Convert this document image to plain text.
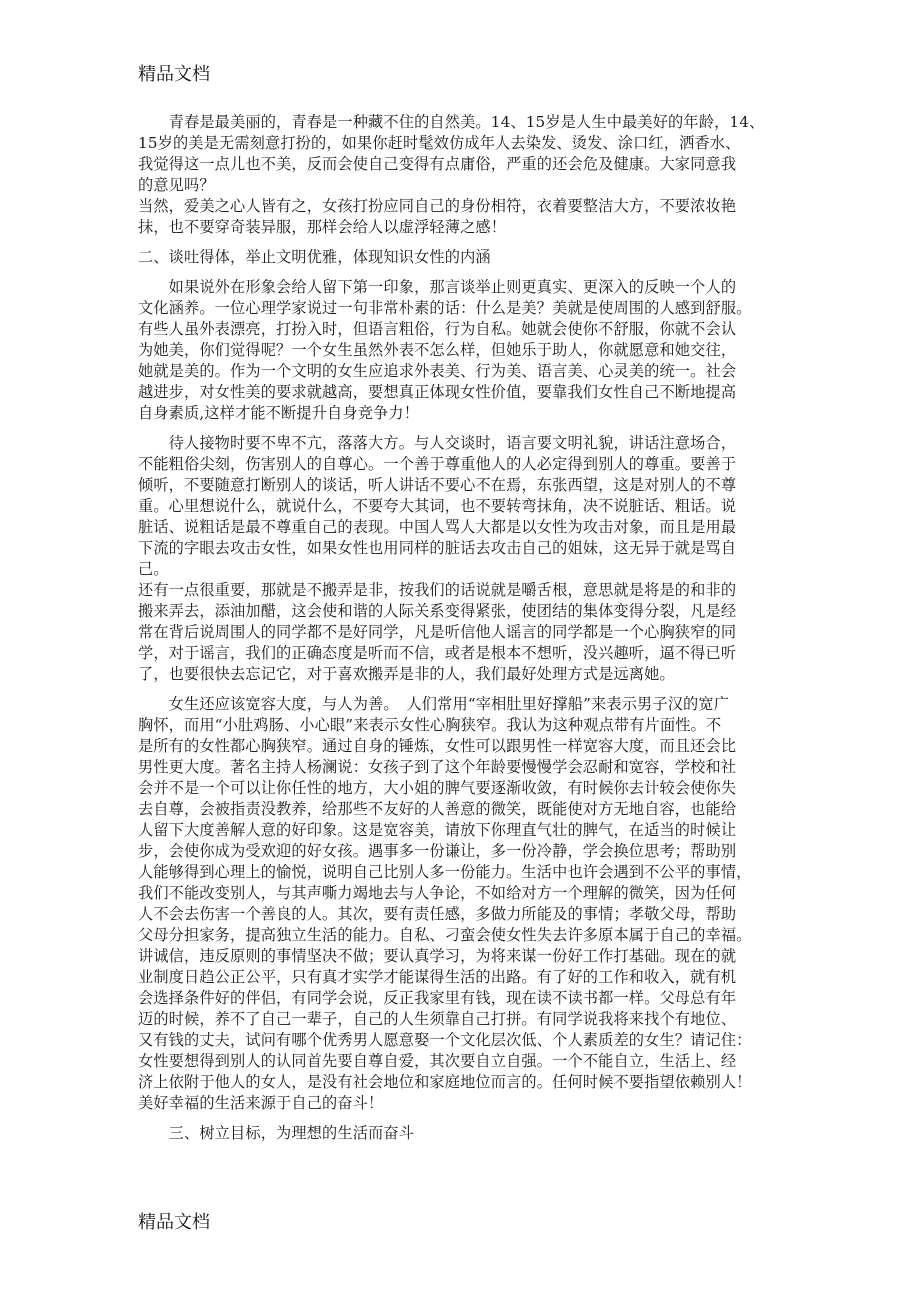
精品文档
　　青春是最美丽的，青春是一种藏不住的自然美。14、15岁是人生中最美好的年龄，14、
15岁的美是无需刻意打扮的，如果你赶时髦效仿成年人去染发、烫发、涂口红，洒香水、
我觉得这一点儿也不美，反而会使自己变得有点庸俗，严重的还会危及健康。大家同意我
的意见吗？
当然，爱美之心人皆有之，女孩打扮应同自己的身份相符，衣着要整洁大方，不要浓妆艳
抹，也不要穿奇装异服，那样会给人以虚浮轻薄之感！
二、谈吐得体，举止文明优雅，体现知识女性的内涵
　　如果说外在形象会给人留下第一印象，那言谈举止则更真实、更深入的反映一个人的
文化涵养。一位心理学家说过一句非常朴素的话：什么是美？美就是使周围的人感到舒服。
有些人虽外表漂亮，打扮入时，但语言粗俗，行为自私。她就会使你不舒服，你就不会认
为她美，你们觉得呢？一个女生虽然外表不怎么样，但她乐于助人，你就愿意和她交往，
她就是美的。作为一个文明的女生应追求外表美、行为美、语言美、心灵美的统一。社会
越进步，对女性美的要求就越高，要想真正体现女性价值，要靠我们女性自己不断地提高
自身素质,这样才能不断提升自身竞争力！
　　待人接物时要不卑不亢，落落大方。与人交谈时，语言要文明礼貌，讲话注意场合，
不能粗俗尖刻，伤害别人的自尊心。一个善于尊重他人的人必定得到别人的尊重。要善于
倾听，不要随意打断别人的谈话，听人讲话不要心不在焉，东张西望，这是对别人的不尊
重。心里想说什么，就说什么，不要夸大其词，也不要转弯抹角，决不说脏话、粗话。说
脏话、说粗话是最不尊重自己的表现。中国人骂人大都是以女性为攻击对象，而且是用最
下流的字眼去攻击女性，如果女性也用同样的脏话去攻击自己的姐妹，这无异于就是骂自
己。
还有一点很重要，那就是不搬弄是非，按我们的话说就是嚼舌根，意思就是将是的和非的
搬来弄去，添油加醋，这会使和谐的人际关系变得紧张，使团结的集体变得分裂，凡是经
常在背后说周围人的同学都不是好同学，凡是听信他人谣言的同学都是一个心胸狭窄的同
学，对于谣言，我们的正确态度是听而不信，或者是根本不想听，没兴趣听，逼不得已听
了，也要很快去忘记它，对于喜欢搬弄是非的人，我们最好处理方式是远离她。
　　女生还应该宽容大度，与人为善。　人们常用“宰相肚里好撑船”来表示男子汉的宽广
胸怀，而用“小肚鸡肠、小心眼”来表示女性心胸狭窄。我认为这种观点带有片面性。不
是所有的女性都心胸狭窄。通过自身的锤炼，女性可以跟男性一样宽容大度，而且还会比
男性更大度。著名主持人杨澜说：女孩子到了这个年龄要慢慢学会忍耐和宽容，学校和社
会并不是一个可以让你任性的地方，大小姐的脾气要逐渐收敛，有时候你去计较会使你失
去自尊，会被指责没教养，给那些不友好的人善意的微笑，既能使对方无地自容，也能给
人留下大度善解人意的好印象。这是宽容美，请放下你理直气壮的脾气，在适当的时候让
步，会使你成为受欢迎的好女孩。遇事多一份谦让，多一份冷静，学会换位思考；帮助别
人能够得到心理上的愉悦，说明自己比别人多一份能力。生活中也许会遇到不公平的事情，
我们不能改变别人，与其声嘶力竭地去与人争论，不如给对方一个理解的微笑，因为任何
人不会去伤害一个善良的人。其次，要有责任感，多做力所能及的事情；孝敬父母，帮助
父母分担家务，提高独立生活的能力。自私、刁蛮会使女性失去许多原本属于自己的幸福。
讲诚信，违反原则的事情坚决不做；要认真学习，为将来谋一份好工作打基础。现在的就
业制度日趋公正公平，只有真才实学才能谋得生活的出路。有了好的工作和收入，就有机
会选择条件好的伴侣，有同学会说，反正我家里有钱，现在读不读书都一样。父母总有年
迈的时候，养不了自己一辈子，自己的人生须靠自己打拼。有同学说我将来找个有地位、
又有钱的丈夫，试问有哪个优秀男人愿意娶一个文化层次低、个人素质差的女生？请记住：
女性要想得到别人的认同首先要自尊自爱，其次要自立自强。一个不能自立，生活上、经
济上依附于他人的女人，是没有社会地位和家庭地位而言的。任何时候不要指望依赖别人！
美好幸福的生活来源于自己的奋斗！
　　三、树立目标，为理想的生活而奋斗
精品文档
